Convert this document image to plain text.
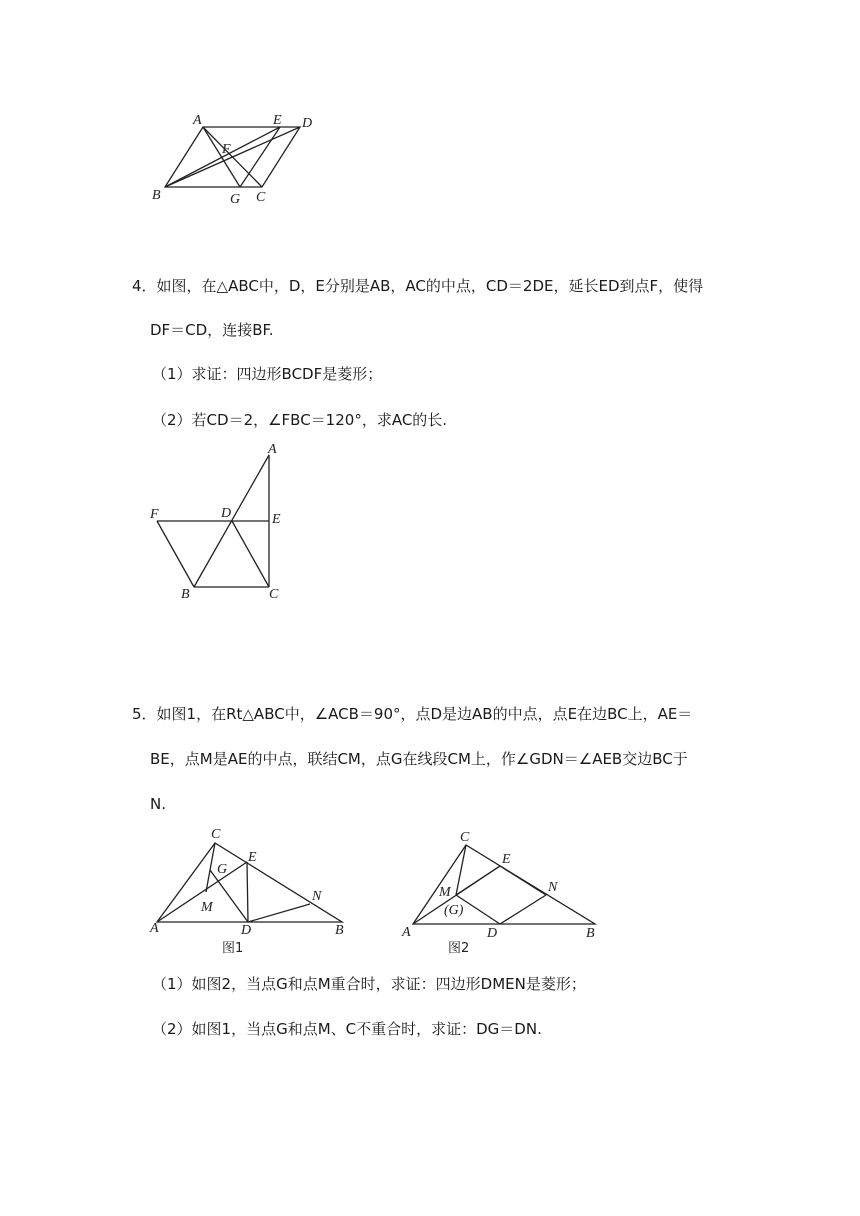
A	E D
F
B	G C
4．如图，在△ABC中，D，E分别是AB，AC的中点，CD＝2DE，延长ED到点F，使得
DF＝CD，连接BF.
（1）求证：四边形BCDF是菱形；
（2）若CD＝2，∠FBC＝120°，求AC的长.
A
F	D	E
B	C
5．如图1，在Rt△ABC中，∠ACB＝90°，点D是边AB的中点，点E在边BC上，AE＝
BE，点M是AE的中点，联结CM，点G在线段CM上，作∠GDN＝∠AEB交边BC于
N.
C
E
G
N
M
A	D	B
图1
C
E
M	N
(G)
A	D	B
图2
（1）如图2，当点G和点M重合时，求证：四边形DMEN是菱形；
（2）如图1，当点G和点M、C不重合时，求证：DG＝DN.
